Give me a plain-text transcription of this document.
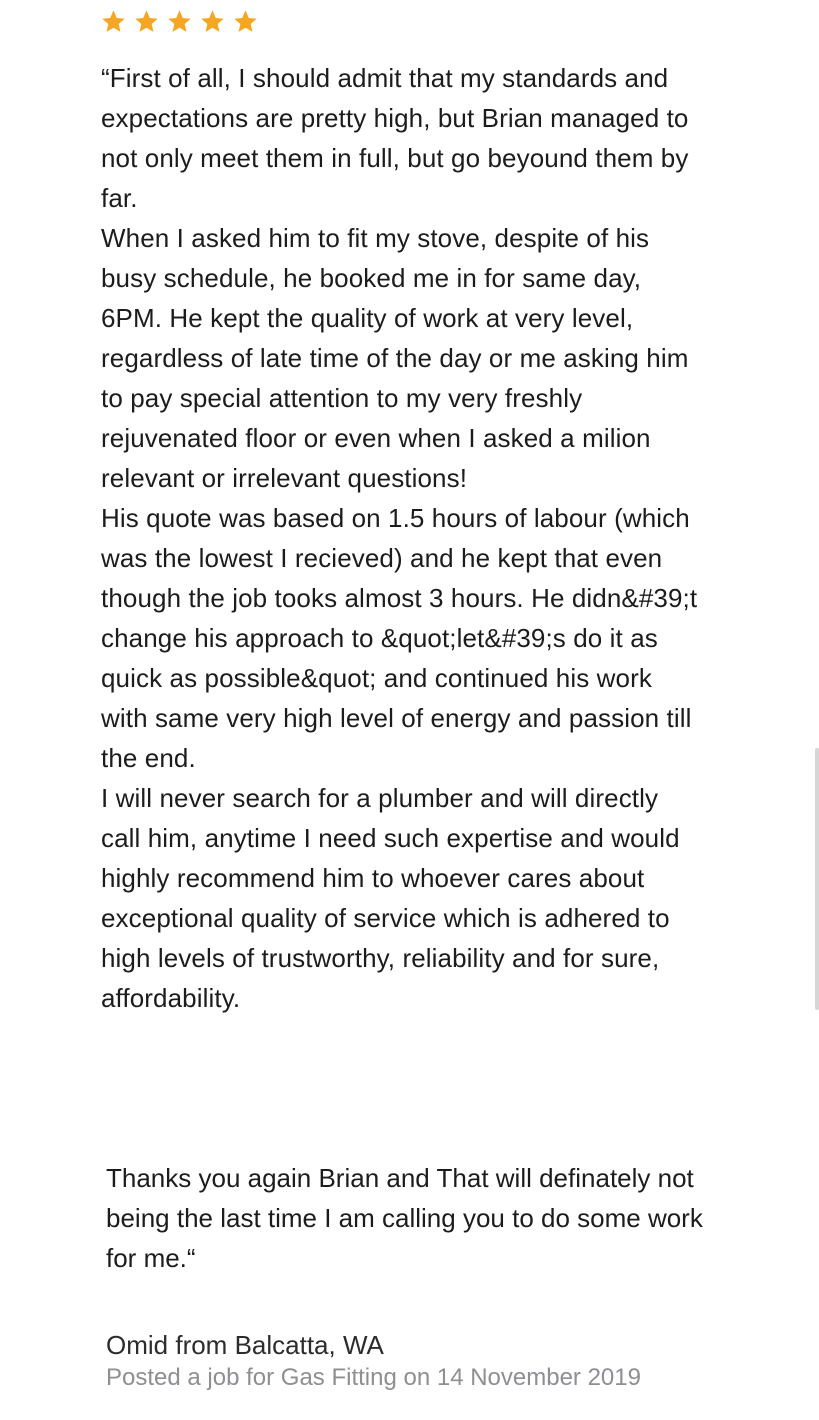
“First of all, I should admit that my standards and expectations are pretty high, but Brian managed to not only meet them in full, but go beyound them by far.

When I asked him to fit my stove, despite of his busy schedule, he booked me in for same day, 6PM. He kept the quality of work at very level, regardless of late time of the day or me asking him to pay special attention to my very freshly rejuvenated floor or even when I asked a milion relevant or irrelevant questions!

His quote was based on 1.5 hours of labour (which was the lowest I recieved) and he kept that even though the job tooks almost 3 hours. He didn&#39;t change his approach to &quot;let&#39;s do it as quick as possible&quot; and continued his work with same very high level of energy and passion till the end.

I will never search for a plumber and will directly call him, anytime I need such expertise and would highly recommend him to whoever cares about exceptional quality of service which is adhered to high levels of trustworthy, reliability and for sure, affordability.

Thanks you again Brian and That will definately not being the last time I am calling you to do some work for me.“

Omid from Balcatta, WA
Posted a job for Gas Fitting on 14 November 2019
